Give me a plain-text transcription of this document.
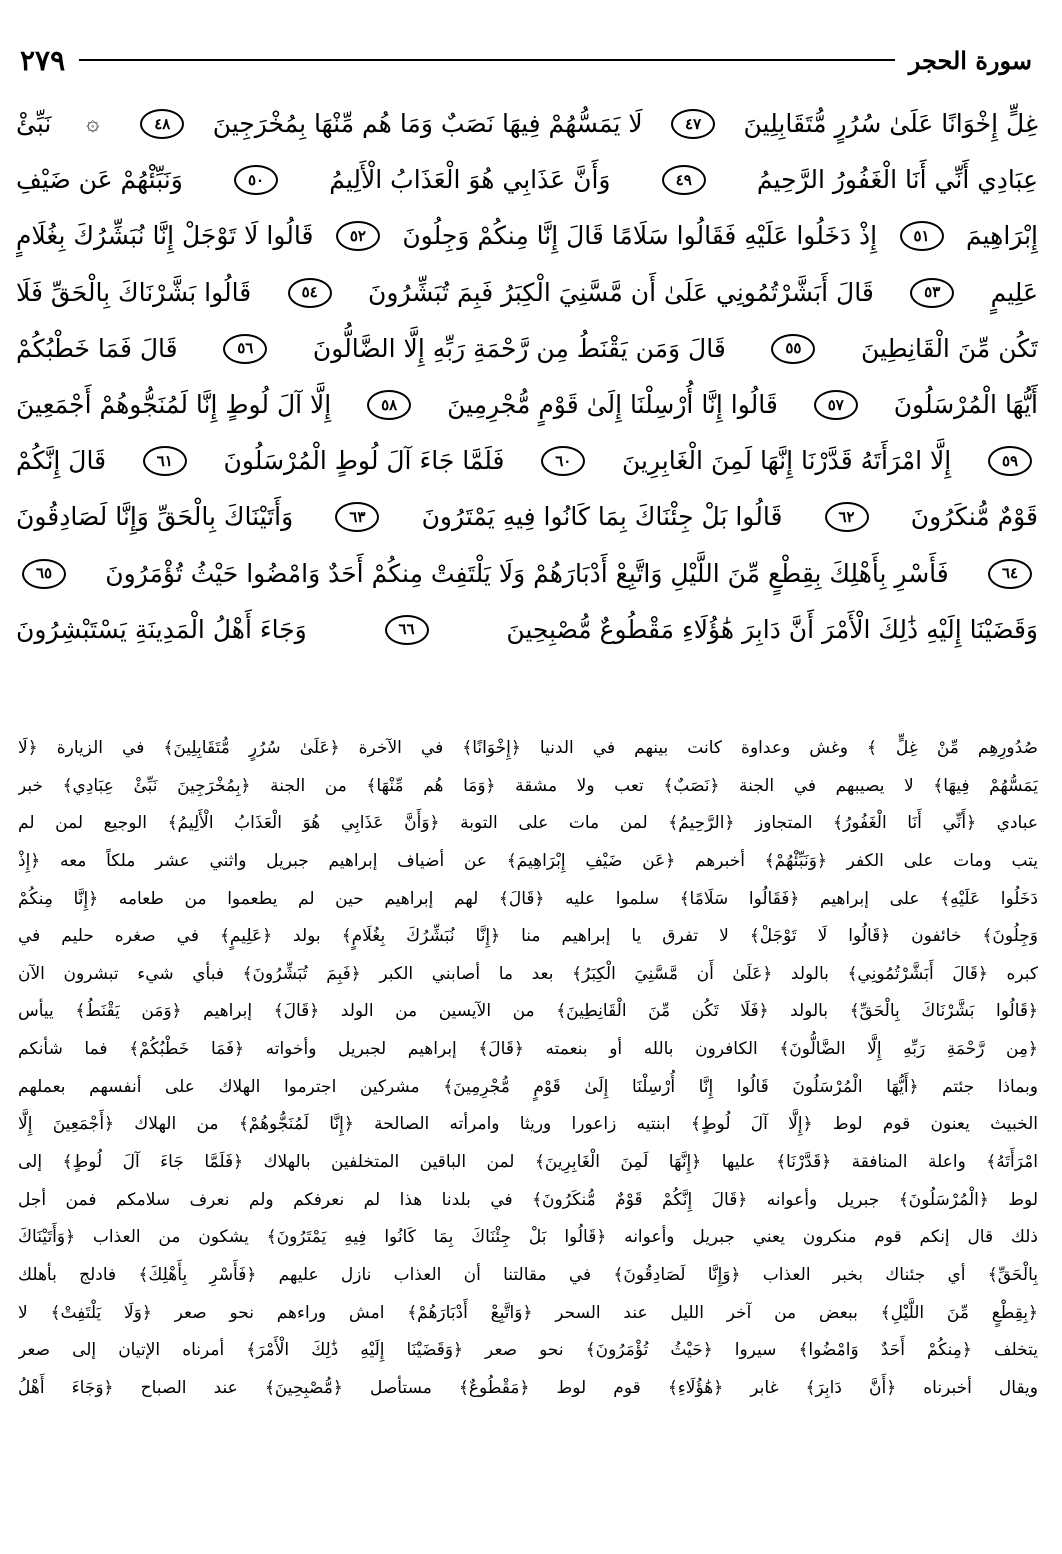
سورة الحجر
٢٧٩
غِلٍّ إِخْوَانًا عَلَىٰ سُرُرٍ مُّتَقَابِلِينَ
٤٧
لَا يَمَسُّهُمْ فِيهَا نَصَبٌ وَمَا هُم مِّنْهَا بِمُخْرَجِينَ
٤٨
۞
نَبِّئْ
عِبَادِي أَنِّي أَنَا الْغَفُورُ الرَّحِيمُ
٤٩
وَأَنَّ عَذَابِي هُوَ الْعَذَابُ الْأَلِيمُ
٥٠
وَنَبِّئْهُمْ عَن ضَيْفِ
إِبْرَاهِيمَ
٥١
إِذْ دَخَلُوا عَلَيْهِ فَقَالُوا سَلَامًا قَالَ إِنَّا مِنكُمْ وَجِلُونَ
٥٢
قَالُوا لَا تَوْجَلْ إِنَّا نُبَشِّرُكَ بِغُلَامٍ
عَلِيمٍ
٥٣
قَالَ أَبَشَّرْتُمُونِي عَلَىٰ أَن مَّسَّنِيَ الْكِبَرُ فَبِمَ تُبَشِّرُونَ
٥٤
قَالُوا بَشَّرْنَاكَ بِالْحَقِّ فَلَا
تَكُن مِّنَ الْقَانِطِينَ
٥٥
قَالَ وَمَن يَقْنَطُ مِن رَّحْمَةِ رَبِّهِ إِلَّا الضَّالُّونَ
٥٦
قَالَ فَمَا خَطْبُكُمْ
أَيُّهَا الْمُرْسَلُونَ
٥٧
قَالُوا إِنَّا أُرْسِلْنَا إِلَىٰ قَوْمٍ مُّجْرِمِينَ
٥٨
إِلَّا آلَ لُوطٍ إِنَّا لَمُنَجُّوهُمْ أَجْمَعِينَ
٥٩
إِلَّا امْرَأَتَهُ قَدَّرْنَا إِنَّهَا لَمِنَ الْغَابِرِينَ
٦٠
فَلَمَّا جَاءَ آلَ لُوطٍ الْمُرْسَلُونَ
٦١
قَالَ إِنَّكُمْ
قَوْمٌ مُّنكَرُونَ
٦٢
قَالُوا بَلْ جِئْنَاكَ بِمَا كَانُوا فِيهِ يَمْتَرُونَ
٦٣
وَأَتَيْنَاكَ بِالْحَقِّ وَإِنَّا لَصَادِقُونَ
٦٤
فَأَسْرِ بِأَهْلِكَ بِقِطْعٍ مِّنَ اللَّيْلِ وَاتَّبِعْ أَدْبَارَهُمْ وَلَا يَلْتَفِتْ مِنكُمْ أَحَدٌ وَامْضُوا حَيْثُ تُؤْمَرُونَ
٦٥
وَقَضَيْنَا إِلَيْهِ ذَٰلِكَ الْأَمْرَ أَنَّ دَابِرَ هَٰؤُلَاءِ مَقْطُوعٌ مُّصْبِحِينَ
٦٦
وَجَاءَ أَهْلُ الْمَدِينَةِ يَسْتَبْشِرُونَ
صُدُورِهِم مِّنْ غِلٍّ ﴾ وغش وعداوة كانت بينهم في الدنيا ﴿إِخْوَانًا﴾ في الآخرة ﴿عَلَىٰ سُرُرٍ مُّتَقَابِلِينَ﴾ في الزيارة ﴿لَا
يَمَسُّهُمْ فِيهَا﴾ لا يصيبهم في الجنة ﴿نَصَبٌ﴾ تعب ولا مشقة ﴿وَمَا هُم مِّنْهَا﴾ من الجنة ﴿بِمُخْرَجِينَ نَبِّئْ عِبَادِي﴾ خبر
عبادي ﴿أَنِّي أَنَا الْغَفُورُ﴾ المتجاوز ﴿الرَّحِيمُ﴾ لمن مات على التوبة ﴿وَأَنَّ عَذَابِي هُوَ الْعَذَابُ الْأَلِيمُ﴾ الوجيع لمن لم
يتب ومات على الكفر ﴿وَنَبِّئْهُمْ﴾ أخبرهم ﴿عَن ضَيْفِ إِبْرَاهِيمَ﴾ عن أضياف إبراهيم جبريل واثني عشر ملكاً معه ﴿إِذْ
دَخَلُوا عَلَيْهِ﴾ على إبراهيم ﴿فَقَالُوا سَلَامًا﴾ سلموا عليه ﴿قَالَ﴾ لهم إبراهيم حين لم يطعموا من طعامه ﴿إِنَّا مِنكُمْ
وَجِلُونَ﴾ خائفون ﴿قَالُوا لَا تَوْجَلْ﴾ لا تفرق يا إبراهيم منا ﴿إِنَّا نُبَشِّرُكَ بِغُلَامٍ﴾ بولد ﴿عَلِيمٍ﴾ في صغره حليم في
كبره ﴿قَالَ أَبَشَّرْتُمُونِي﴾ بالولد ﴿عَلَىٰ أَن مَّسَّنِيَ الْكِبَرُ﴾ بعد ما أصابني الكبر ﴿فَبِمَ تُبَشِّرُونَ﴾ فبأي شيء تبشرون الآن
﴿قَالُوا بَشَّرْنَاكَ بِالْحَقِّ﴾ بالولد ﴿فَلَا تَكُن مِّنَ الْقَانِطِينَ﴾ من الآيسين من الولد ﴿قَالَ﴾ إبراهيم ﴿وَمَن يَقْنَطُ﴾ ييأس
﴿مِن رَّحْمَةِ رَبِّهِ إِلَّا الضَّالُّونَ﴾ الكافرون بالله أو بنعمته ﴿قَالَ﴾ إبراهيم لجبريل وأخواته ﴿فَمَا خَطْبُكُمْ﴾ فما شأنكم
وبماذا جئتم ﴿أَيُّهَا الْمُرْسَلُونَ قَالُوا إِنَّا أُرْسِلْنَا إِلَىٰ قَوْمٍ مُّجْرِمِينَ﴾ مشركين اجترموا الهلاك على أنفسهم بعملهم
الخبيث يعنون قوم لوط ﴿إِلَّا آلَ لُوطٍ﴾ ابنتيه زاعورا وريثا وامرأته الصالحة ﴿إِنَّا لَمُنَجُّوهُمْ﴾ من الهلاك ﴿أَجْمَعِينَ إِلَّا
امْرَأَتَهُ﴾ واعلة المنافقة ﴿قَدَّرْنَا﴾ عليها ﴿إِنَّهَا لَمِنَ الْغَابِرِينَ﴾ لمن الباقين المتخلفين بالهلاك ﴿فَلَمَّا جَاءَ آلَ لُوطٍ﴾ إلى
لوط ﴿الْمُرْسَلُونَ﴾ جبريل وأعوانه ﴿قَالَ إِنَّكُمْ قَوْمٌ مُّنكَرُونَ﴾ في بلدنا هذا لم نعرفكم ولم نعرف سلامكم فمن أجل
ذلك قال إنكم قوم منكرون يعني جبريل وأعوانه ﴿قَالُوا بَلْ جِئْنَاكَ بِمَا كَانُوا فِيهِ يَمْتَرُونَ﴾ يشكون من العذاب ﴿وَأَتَيْنَاكَ
بِالْحَقِّ﴾ أي جئناك بخبر العذاب ﴿وَإِنَّا لَصَادِقُونَ﴾ في مقالتنا أن العذاب نازل عليهم ﴿فَأَسْرِ بِأَهْلِكَ﴾ فادلج بأهلك
﴿بِقِطْعٍ مِّنَ اللَّيْلِ﴾ ببعض من آخر الليل عند السحر ﴿وَاتَّبِعْ أَدْبَارَهُمْ﴾ امش وراءهم نحو صعر ﴿وَلَا يَلْتَفِتْ﴾ لا
يتخلف ﴿مِنكُمْ أَحَدٌ وَامْضُوا﴾ سيروا ﴿حَيْثُ تُؤْمَرُونَ﴾ نحو صعر ﴿وَقَضَيْنَا إِلَيْهِ ذَٰلِكَ الْأَمْرَ﴾ أمرناه الإتيان إلى صعر
ويقال أخبرناه ﴿أَنَّ دَابِرَ﴾ غابر ﴿هَٰؤُلَاءِ﴾ قوم لوط ﴿مَقْطُوعٌ﴾ مستأصل ﴿مُّصْبِحِينَ﴾ عند الصباح ﴿وَجَاءَ أَهْلُ
